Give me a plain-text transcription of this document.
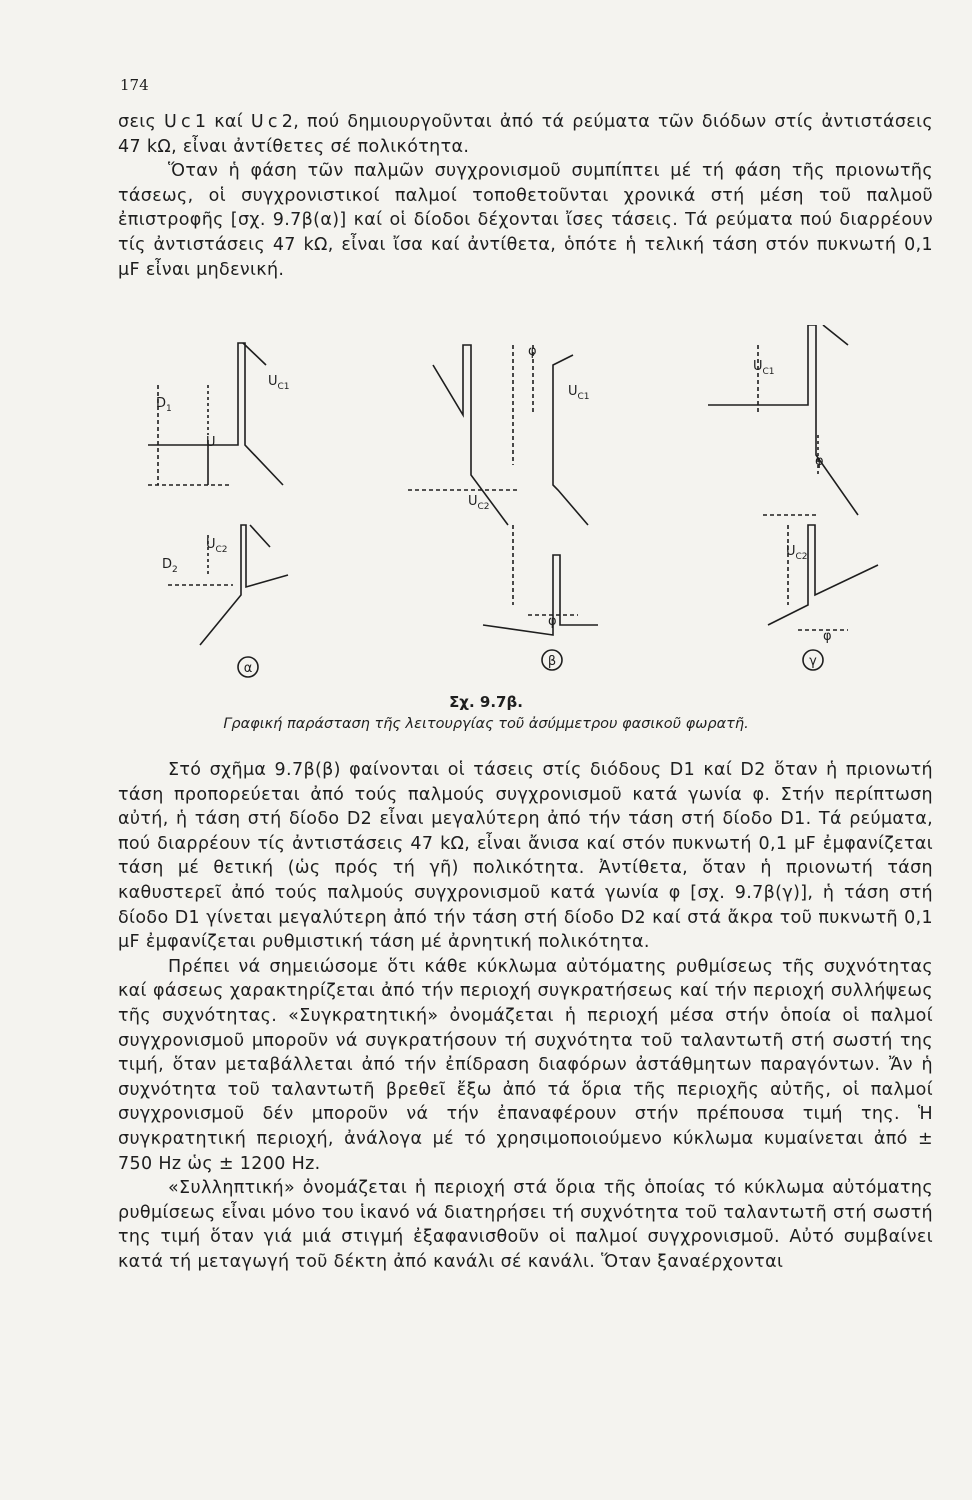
174

σεις U c 1 καί U c 2, πού δημιουργοῦνται ἀπό τά ρεύματα τῶν διόδων στίς ἀντιστάσεις 47 kΩ, εἶναι ἀντίθετες σέ πολικότητα.

Ὅταν ἡ φάση τῶν παλμῶν συγχρονισμοῦ συμπίπτει μέ τή φάση τῆς πριονωτῆς τάσεως, οἱ συγχρονιστικοί παλμοί τοποθετοῦνται χρονικά στή μέση τοῦ παλμοῦ ἐπιστροφῆς [σχ. 9.7β(α)] καί οἱ δίοδοι δέχονται ἴσες τάσεις. Τά ρεύματα πού διαρρέουν τίς ἀντιστάσεις 47 kΩ, εἶναι ἴσα καί ἀντίθετα, ὁπότε ἡ τελική τάση στόν πυκνωτή 0,1 μF εἶναι μηδενική.

$D_1$
$D_2$
$U_{C1}$
$U_{C2}$
U
$U_{C1}$
$U_{C2}$
φ
φ
$U_{C1}$
$U_{C2}$
φ
φ
α	β	γ
Σχ. 9.7β.
Γραφική παράσταση τῆς λειτουργίας τοῦ ἀσύμμετρου φασικοῦ φωρατῆ.

Στό σχῆμα 9.7β(β) φαίνονται οἱ τάσεις στίς διόδους D1 καί D2 ὅταν ἡ πριονωτή τάση προπορεύεται ἀπό τούς παλμούς συγχρονισμοῦ κατά γωνία φ. Στήν περίπτωση αὐτή, ἡ τάση στή δίοδο D2 εἶναι μεγαλύτερη ἀπό τήν τάση στή δίοδο D1. Τά ρεύματα, πού διαρρέουν τίς ἀντιστάσεις 47 kΩ, εἶναι ἄνισα καί στόν πυκνωτή 0,1 μF ἐμφανίζεται τάση μέ θετική (ὡς πρός τή γῆ) πολικότητα. Ἀντίθετα, ὅταν ἡ πριονωτή τάση καθυστερεῖ ἀπό τούς παλμούς συγχρονισμοῦ κατά γωνία φ [σχ. 9.7β(γ)], ἡ τάση στή δίοδο D1 γίνεται μεγαλύτερη ἀπό τήν τάση στή δίοδο D2 καί στά ἄκρα τοῦ πυκνωτῆ 0,1 μF ἐμφανίζεται ρυθμιστική τάση μέ ἀρνητική πολικότητα.

Πρέπει νά σημειώσομε ὅτι κάθε κύκλωμα αὐτόματης ρυθμίσεως τῆς συχνότητας καί φάσεως χαρακτηρίζεται ἀπό τήν περιοχή συγκρατήσεως καί τήν περιοχή συλλήψεως τῆς συχνότητας. «Συγκρατητική» ὀνομάζεται ἡ περιοχή μέσα στήν ὁποία οἱ παλμοί συγχρονισμοῦ μποροῦν νά συγκρατήσουν τή συχνότητα τοῦ ταλαντωτῆ στή σωστή της τιμή, ὅταν μεταβάλλεται ἀπό τήν ἐπίδραση διαφόρων ἀστάθμητων παραγόντων. Ἄν ἡ συχνότητα τοῦ ταλαντωτῆ βρεθεῖ ἔξω ἀπό τά ὅρια τῆς περιοχῆς αὐτῆς, οἱ παλμοί συγχρονισμοῦ δέν μποροῦν νά τήν ἐπαναφέρουν στήν πρέπουσα τιμή της. Ἡ συγκρατητική περιοχή, ἀνάλογα μέ τό χρησιμοποιούμενο κύκλωμα κυμαίνεται ἀπό ± 750 Hz ὡς ± 1200 Hz.

«Συλληπτική» ὀνομάζεται ἡ περιοχή στά ὅρια τῆς ὁποίας τό κύκλωμα αὐτόματης ρυθμίσεως εἶναι μόνο του ἱκανό νά διατηρήσει τή συχνότητα τοῦ ταλαντωτῆ στή σωστή της τιμή ὅταν γιά μιά στιγμή ἐξαφανισθοῦν οἱ παλμοί συγχρονισμοῦ. Αὐτό συμβαίνει κατά τή μεταγωγή τοῦ δέκτη ἀπό κανάλι σέ κανάλι. Ὅταν ξαναέρχονται
